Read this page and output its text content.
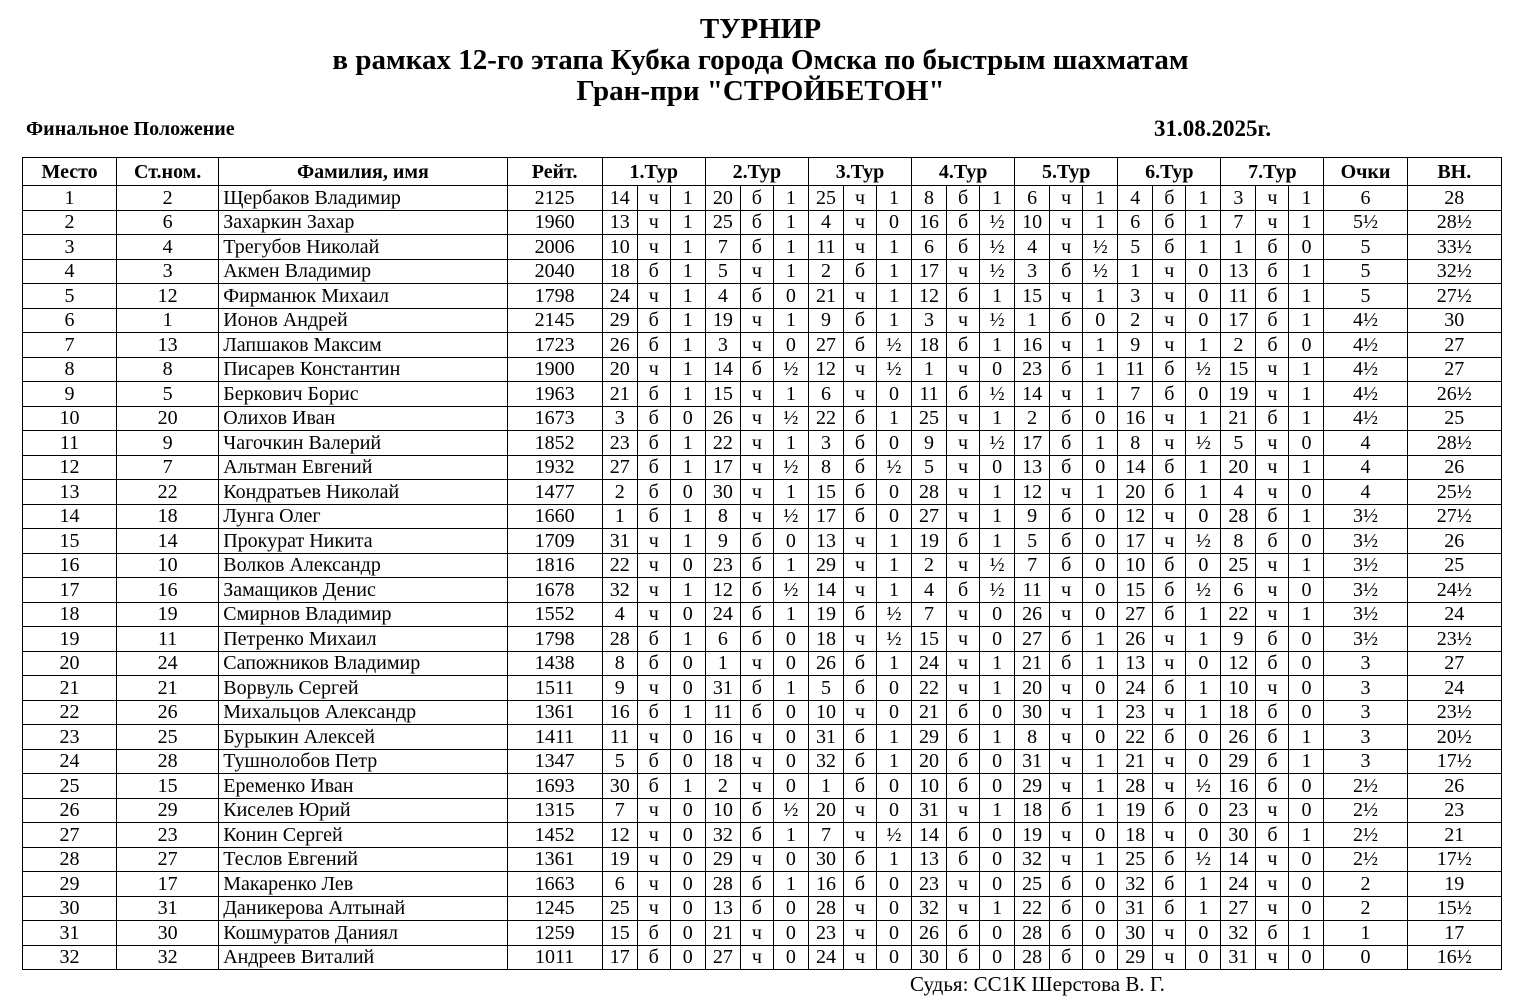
ТУРНИР
в рамках 12-го этапа Кубка города Омска по быстрым шахматам
Гран-при "СТРОЙБЕТОН"
Финальное Положение	31.08.2025г.
Место	Ст.ном.	Фамилия, имя	Рейт.	1.Тур			2.Тур			3.Тур			4.Тур			5.Тур			6.Тур			7.Тур			Очки	ВН.
1	2	Щербаков Владимир	2125	14	ч	1	20	б	1	25	ч	1	8	б	1	6	ч	1	4	б	1	3	ч	1	6	28
2	6	Захаркин Захар	1960	13	ч	1	25	б	1	4	ч	0	16	б	½	10	ч	1	6	б	1	7	ч	1	5½	28½
3	4	Трегубов Николай	2006	10	ч	1	7	б	1	11	ч	1	6	б	½	4	ч	½	5	б	1	1	б	0	5	33½
4	3	Акмен Владимир	2040	18	б	1	5	ч	1	2	б	1	17	ч	½	3	б	½	1	ч	0	13	б	1	5	32½
5	12	Фирманюк Михаил	1798	24	ч	1	4	б	0	21	ч	1	12	б	1	15	ч	1	3	ч	0	11	б	1	5	27½
6	1	Ионов Андрей	2145	29	б	1	19	ч	1	9	б	1	3	ч	½	1	б	0	2	ч	0	17	б	1	4½	30
7	13	Лапшаков Максим	1723	26	б	1	3	ч	0	27	б	½	18	б	1	16	ч	1	9	ч	1	2	б	0	4½	27
8	8	Писарев Константин	1900	20	ч	1	14	б	½	12	ч	½	1	ч	0	23	б	1	11	б	½	15	ч	1	4½	27
9	5	Беркович Борис	1963	21	б	1	15	ч	1	6	ч	0	11	б	½	14	ч	1	7	б	0	19	ч	1	4½	26½
10	20	Олихов Иван	1673	3	б	0	26	ч	½	22	б	1	25	ч	1	2	б	0	16	ч	1	21	б	1	4½	25
11	9	Чагочкин Валерий	1852	23	б	1	22	ч	1	3	б	0	9	ч	½	17	б	1	8	ч	½	5	ч	0	4	28½
12	7	Альтман Евгений	1932	27	б	1	17	ч	½	8	б	½	5	ч	0	13	б	0	14	б	1	20	ч	1	4	26
13	22	Кондратьев Николай	1477	2	б	0	30	ч	1	15	б	0	28	ч	1	12	ч	1	20	б	1	4	ч	0	4	25½
14	18	Лунга Олег	1660	1	б	1	8	ч	½	17	б	0	27	ч	1	9	б	0	12	ч	0	28	б	1	3½	27½
15	14	Прокурат Никита	1709	31	ч	1	9	б	0	13	ч	1	19	б	1	5	б	0	17	ч	½	8	б	0	3½	26
16	10	Волков Александр	1816	22	ч	0	23	б	1	29	ч	1	2	ч	½	7	б	0	10	б	0	25	ч	1	3½	25
17	16	Замащиков Денис	1678	32	ч	1	12	б	½	14	ч	1	4	б	½	11	ч	0	15	б	½	6	ч	0	3½	24½
18	19	Смирнов Владимир	1552	4	ч	0	24	б	1	19	б	½	7	ч	0	26	ч	0	27	б	1	22	ч	1	3½	24
19	11	Петренко Михаил	1798	28	б	1	6	б	0	18	ч	½	15	ч	0	27	б	1	26	ч	1	9	б	0	3½	23½
20	24	Сапожников Владимир	1438	8	б	0	1	ч	0	26	б	1	24	ч	1	21	б	1	13	ч	0	12	б	0	3	27
21	21	Ворвуль Сергей	1511	9	ч	0	31	б	1	5	б	0	22	ч	1	20	ч	0	24	б	1	10	ч	0	3	24
22	26	Михальцов Александр	1361	16	б	1	11	б	0	10	ч	0	21	б	0	30	ч	1	23	ч	1	18	б	0	3	23½
23	25	Бурыкин Алексей	1411	11	ч	0	16	ч	0	31	б	1	29	б	1	8	ч	0	22	б	0	26	б	1	3	20½
24	28	Тушнолобов Петр	1347	5	б	0	18	ч	0	32	б	1	20	б	0	31	ч	1	21	ч	0	29	б	1	3	17½
25	15	Еременко Иван	1693	30	б	1	2	ч	0	1	б	0	10	б	0	29	ч	1	28	ч	½	16	б	0	2½	26
26	29	Киселев Юрий	1315	7	ч	0	10	б	½	20	ч	0	31	ч	1	18	б	1	19	б	0	23	ч	0	2½	23
27	23	Конин Сергей	1452	12	ч	0	32	б	1	7	ч	½	14	б	0	19	ч	0	18	ч	0	30	б	1	2½	21
28	27	Теслов Евгений	1361	19	ч	0	29	ч	0	30	б	1	13	б	0	32	ч	1	25	б	½	14	ч	0	2½	17½
29	17	Макаренко Лев	1663	6	ч	0	28	б	1	16	б	0	23	ч	0	25	б	0	32	б	1	24	ч	0	2	19
30	31	Даникерова Алтынай	1245	25	ч	0	13	б	0	28	ч	0	32	ч	1	22	б	0	31	б	1	27	ч	0	2	15½
31	30	Кошмуратов Даниял	1259	15	б	0	21	ч	0	23	ч	0	26	б	0	28	б	0	30	ч	0	32	б	1	1	17
32	32	Андреев Виталий	1011	17	б	0	27	ч	0	24	ч	0	30	б	0	28	б	0	29	ч	0	31	ч	0	0	16½
Судья: СС1К Шерстова В. Г.
